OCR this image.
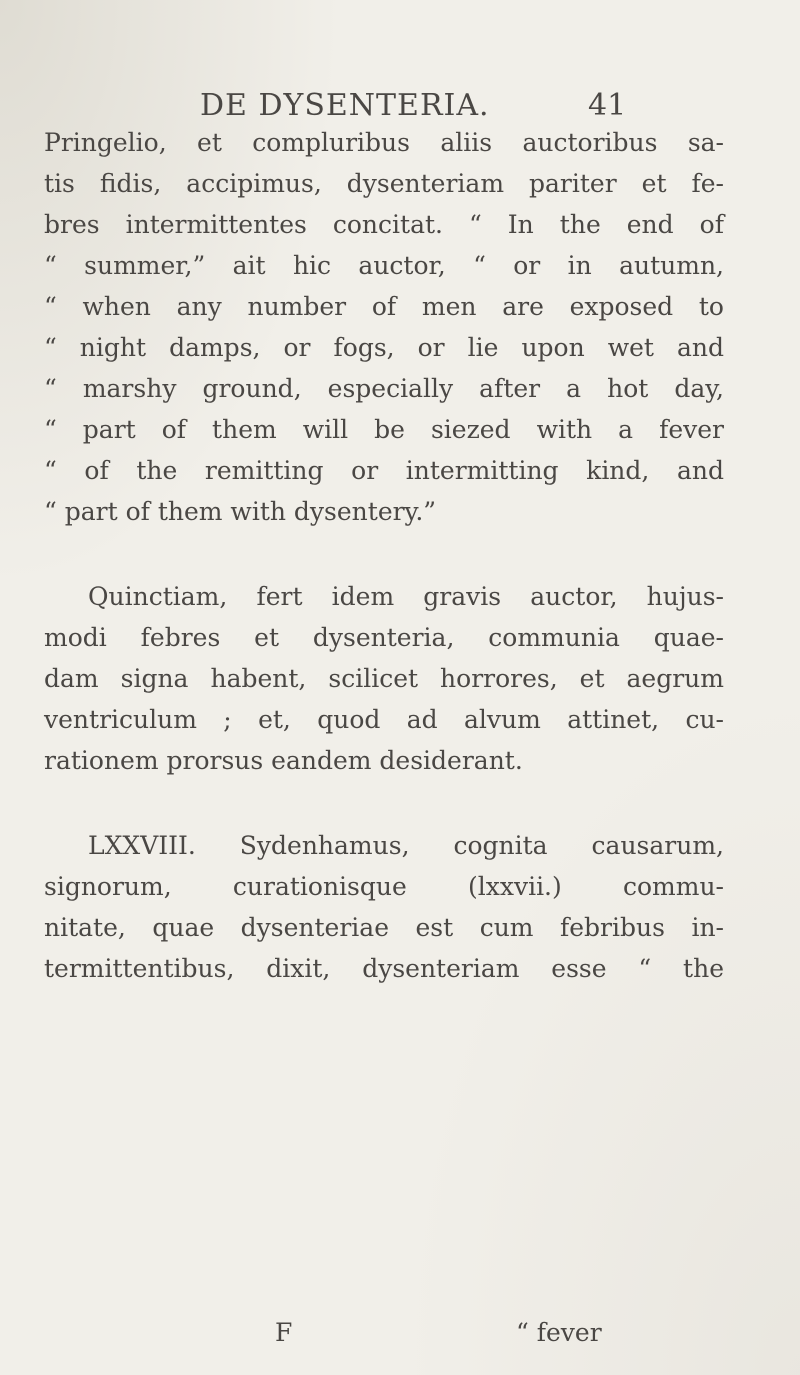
DE DYSENTERIA.	41
Pringelio, et compluribus aliis auctoribus sa-
tis fidis, accipimus, dysenteriam pariter et fe-
bres intermittentes concitat. “ In the end of
“ summer,” ait hic auctor, “ or in autumn,
“ when any number of men are exposed to
“ night damps, or fogs, or lie upon wet and
“ marshy ground, especially after a hot day,
“ part of them will be siezed with a fever
“ of the remitting or intermitting kind, and
“ part of them with dysentery.”
Quinctiam, fert idem gravis auctor, hujus-
modi febres et dysenteria, communia quae-
dam signa habent, scilicet horrores, et aegrum
ventriculum ; et, quod ad alvum attinet, cu-
rationem prorsus eandem desiderant.
LXXVIII. Sydenhamus, cognita causarum,
signorum, curationisque (lxxvii.) commu-
nitate, quae dysenteriae est cum febribus in-
termittentibus, dixit, dysenteriam esse “ the
F	“ fever
